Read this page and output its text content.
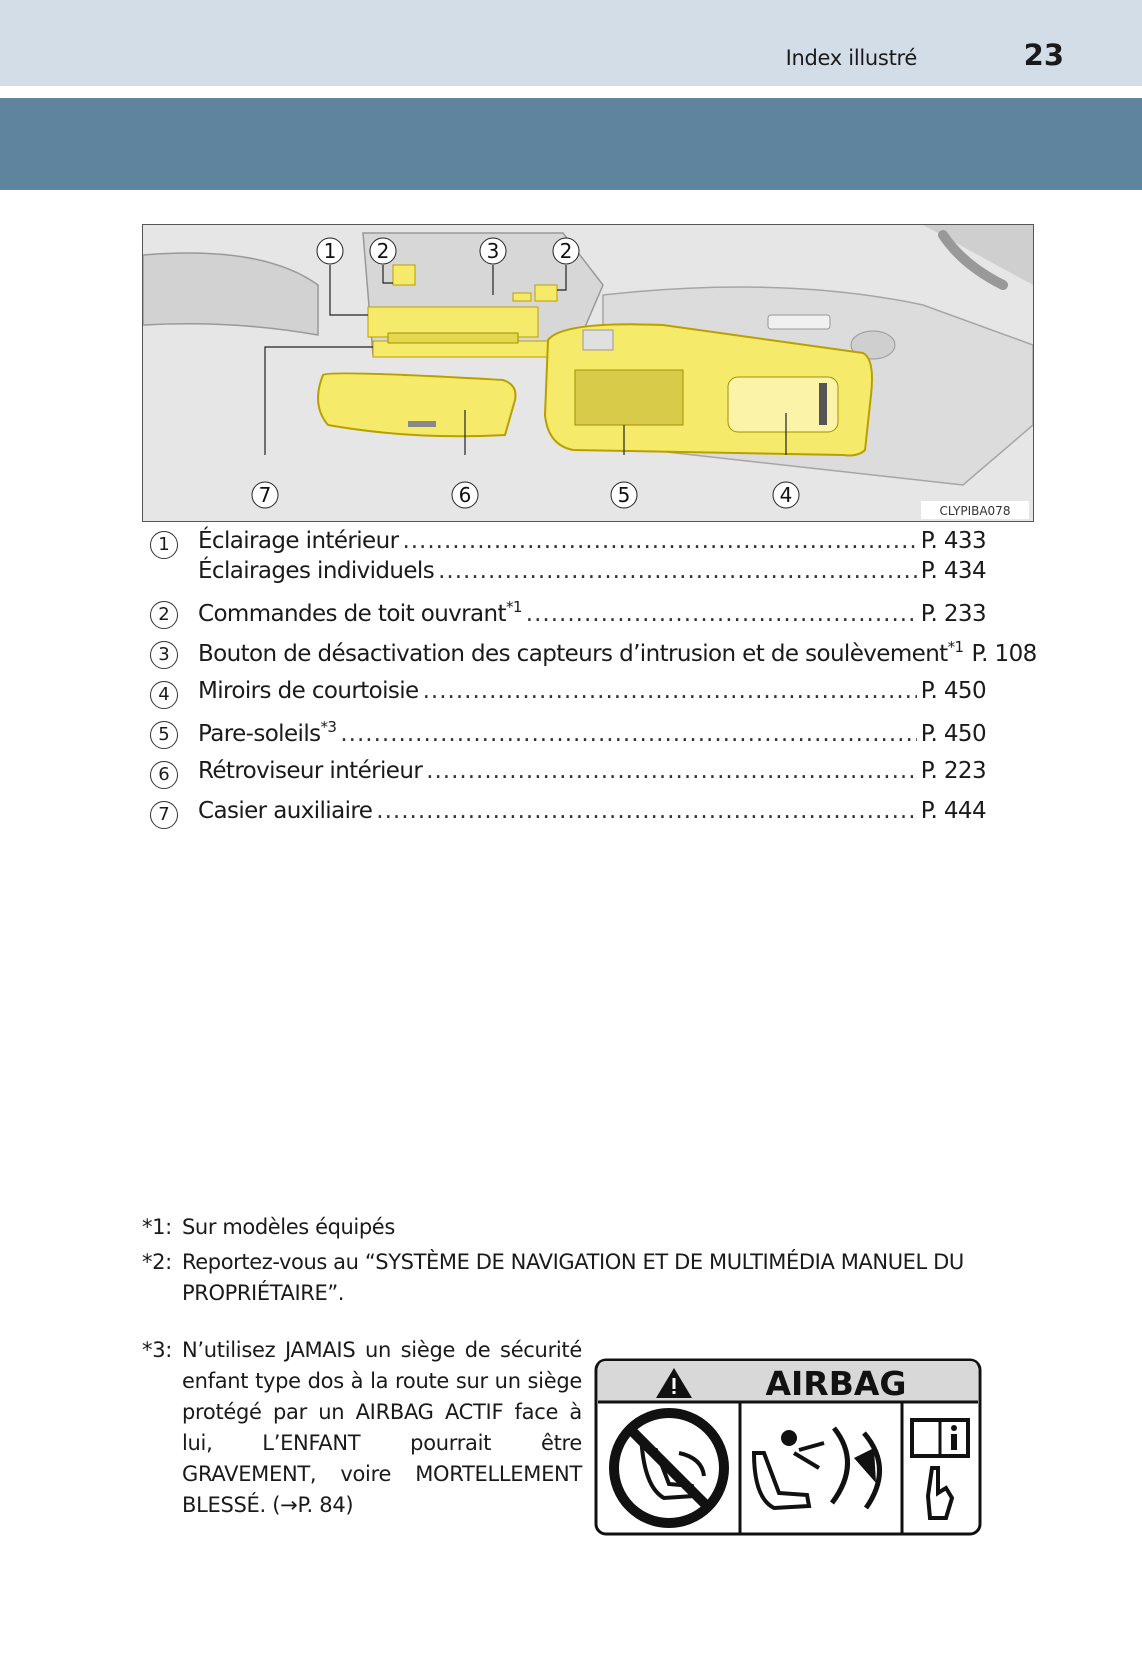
Index illustré	23
1 2	3	2
7	6	5	4
CLYPIBA078
1	Éclairage intérieur .....	P. 433
Éclairages individuels .....	P. 434
2	Commandes de toit ouvrant$^{*1}$ .....	P. 233
3	Bouton de désactivation des capteurs d’intrusion et de soulèvement$^{*1}$ P. 108
4	Miroirs de courtoisie .....	P. 450
5	Pare-soleils$^{*3}$ .....	P. 450
6	Rétroviseur intérieur .....	P. 223
7	Casier auxiliaire .....	P. 444
*1: Sur modèles équipés
*2: Reportez-vous au “SYSTÈME DE NAVIGATION ET DE MULTIMÉDIA MANUEL DU PROPRIÉTAIRE”.
*3: N’utilisez JAMAIS un siège de sécurité enfant type dos à la route sur un siège protégé par un AIRBAG ACTIF face à lui, L’ENFANT pourrait être GRAVEMENT, voire MORTELLEMENT BLESSÉ. (→P. 84)
AIRBAG
